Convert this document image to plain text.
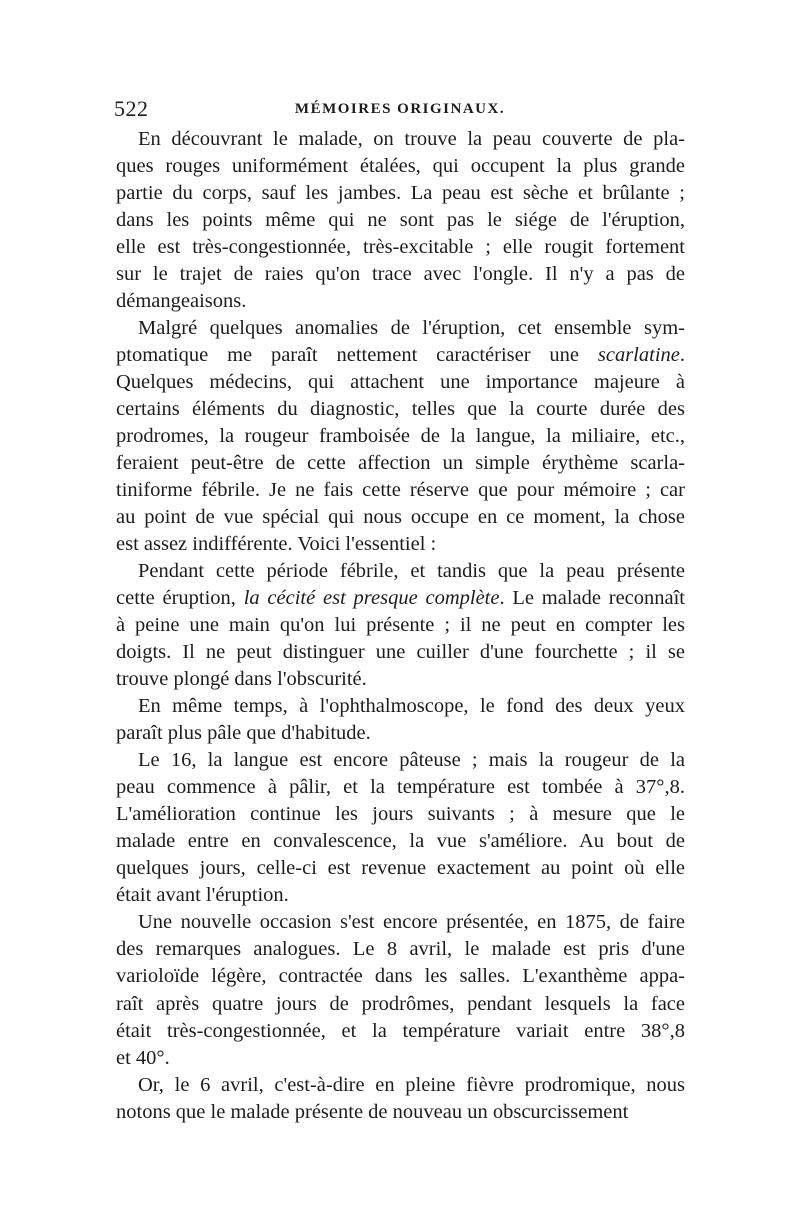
522	MÉMOIRES ORIGINAUX.
En découvrant le malade, on trouve la peau couverte de pla-
ques rouges uniformément étalées, qui occupent la plus grande
partie du corps, sauf les jambes. La peau est sèche et brûlante ;
dans les points même qui ne sont pas le siége de l'éruption,
elle est très-congestionnée, très-excitable ; elle rougit fortement
sur le trajet de raies qu'on trace avec l'ongle. Il n'y a pas de
démangeaisons.
Malgré quelques anomalies de l'éruption, cet ensemble sym-
ptomatique me paraît nettement caractériser une scarlatine.
Quelques médecins, qui attachent une importance majeure à
certains éléments du diagnostic, telles que la courte durée des
prodromes, la rougeur framboisée de la langue, la miliaire, etc.,
feraient peut-être de cette affection un simple érythème scarla-
tiniforme fébrile. Je ne fais cette réserve que pour mémoire ; car
au point de vue spécial qui nous occupe en ce moment, la chose
est assez indifférente. Voici l'essentiel :
Pendant cette période fébrile, et tandis que la peau présente
cette éruption, la cécité est presque complète. Le malade reconnaît
à peine une main qu'on lui présente ; il ne peut en compter les
doigts. Il ne peut distinguer une cuiller d'une fourchette ; il se
trouve plongé dans l'obscurité.
En même temps, à l'ophthalmoscope, le fond des deux yeux
paraît plus pâle que d'habitude.
Le 16, la langue est encore pâteuse ; mais la rougeur de la
peau commence à pâlir, et la température est tombée à 37°,8.
L'amélioration continue les jours suivants ; à mesure que le
malade entre en convalescence, la vue s'améliore. Au bout de
quelques jours, celle-ci est revenue exactement au point où elle
était avant l'éruption.
Une nouvelle occasion s'est encore présentée, en 1875, de faire
des remarques analogues. Le 8 avril, le malade est pris d'une
varioloïde légère, contractée dans les salles. L'exanthème appa-
raît après quatre jours de prodrômes, pendant lesquels la face
était très-congestionnée, et la température variait entre 38°,8
et 40°.
Or, le 6 avril, c'est-à-dire en pleine fièvre prodromique, nous
notons que le malade présente de nouveau un obscurcissement
